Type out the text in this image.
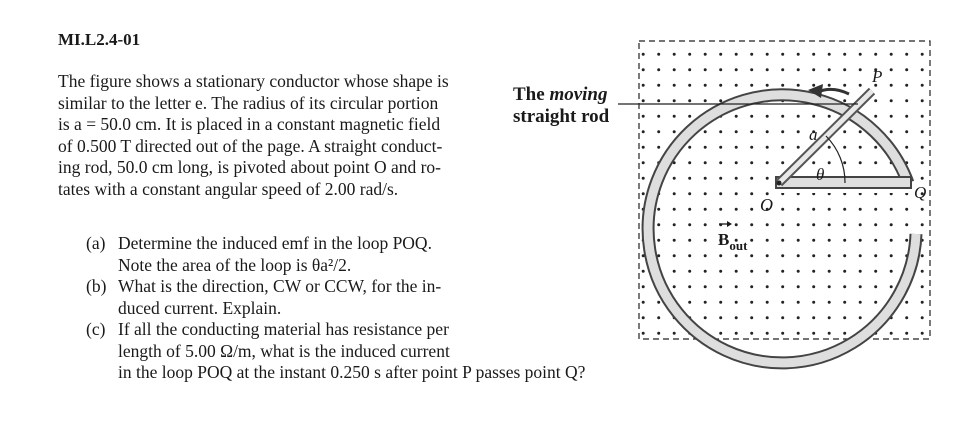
MI.L2.4-01
The figure shows a stationary conductor whose shape is
similar to the letter e. The radius of its circular portion
is a = 50.0 cm. It is placed in a constant magnetic field
of 0.500 T directed out of the page. A straight conduct-
ing rod, 50.0 cm long, is pivoted about point O and ro-
tates with a constant angular speed of 2.00 rad/s.
(a) Determine the induced emf in the loop POQ.
Note the area of the loop is θa²/2.
(b) What is the direction, CW or CCW, for the in-
duced current. Explain.
(c) If all the conducting material has resistance per
length of 5.00 Ω/m, what is the induced current
in the loop POQ at the instant 0.250 s after point P passes point Q?
The moving
straight rod
P
Q
O
a
θ
$B_{out}$
